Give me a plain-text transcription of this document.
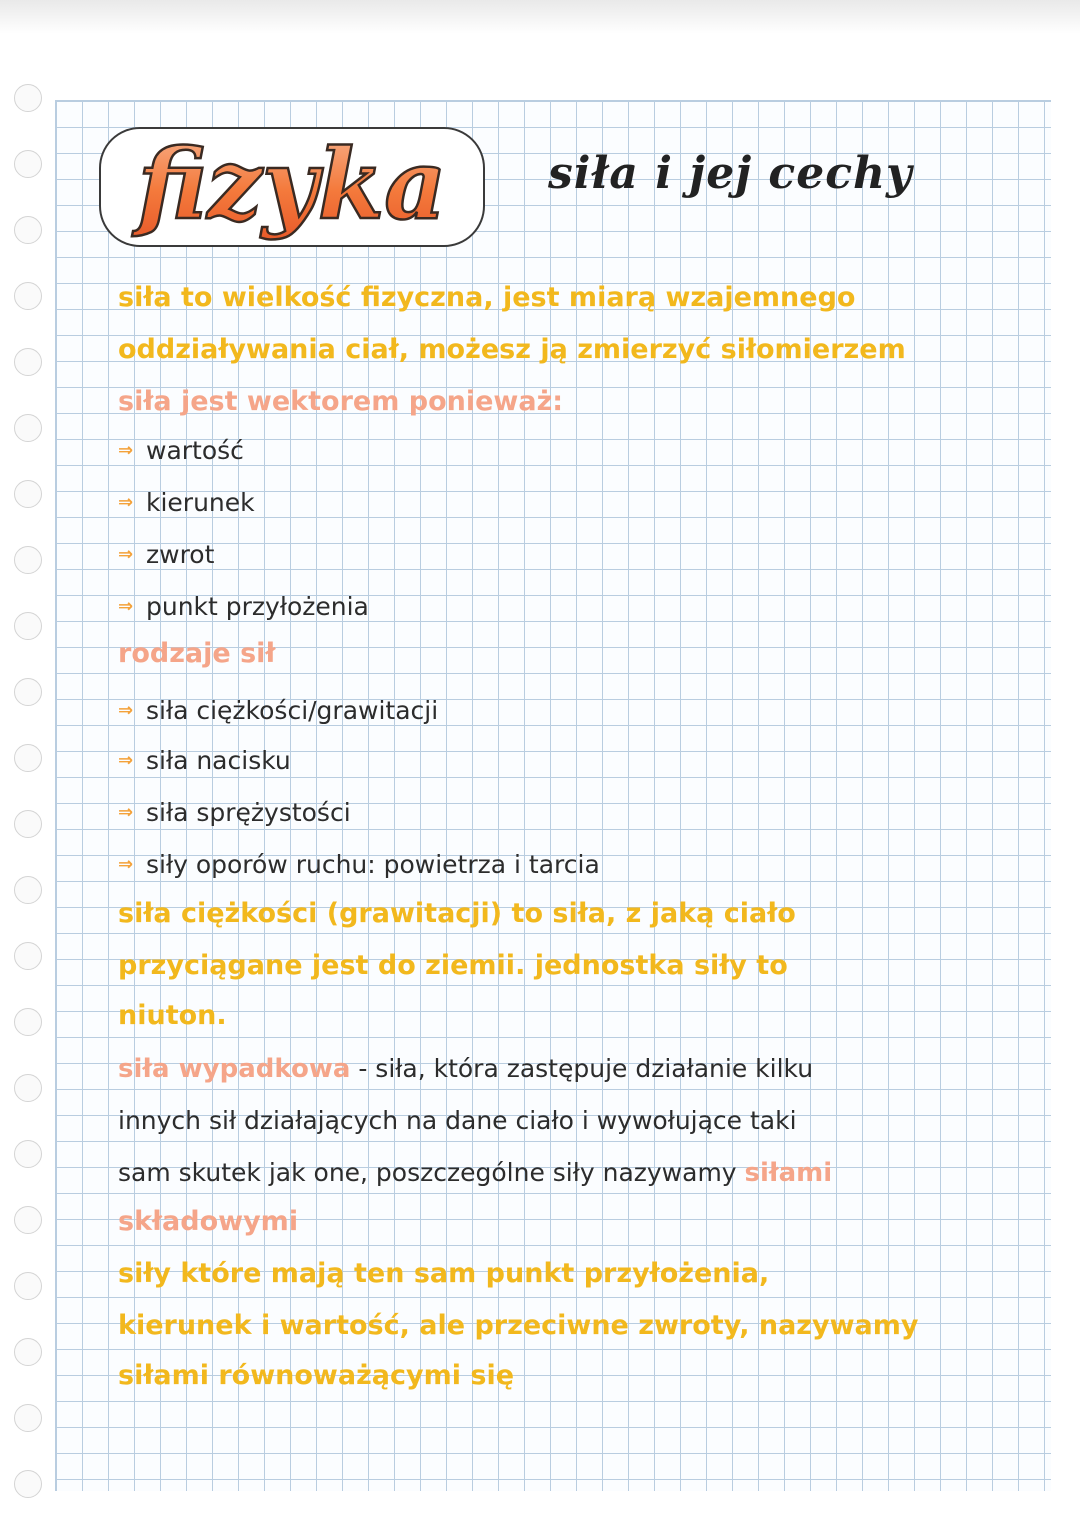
fizyka siła i jej cechy
siła to wielkość fizyczna, jest miarą wzajemnego
oddziaływania ciał, możesz ją zmierzyć siłomierzem
siła jest wektorem ponieważ:
⇒ wartość
⇒ kierunek
⇒ zwrot
⇒ punkt przyłożenia
rodzaje sił
⇒ siła ciężkości/grawitacji
⇒ siła nacisku
⇒ siła sprężystości
⇒ siły oporów ruchu: powietrza i tarcia
siła ciężkości (grawitacji) to siła, z jaką ciało
przyciągane jest do ziemii. jednostka siły to
niuton.
siła wypadkowa - siła, która zastępuje działanie kilku
innych sił działających na dane ciało i wywołujące taki
sam skutek jak one, poszczególne siły nazywamy siłami
składowymi
siły które mają ten sam punkt przyłożenia,
kierunek i wartość, ale przeciwne zwroty, nazywamy
siłami równoważącymi się
